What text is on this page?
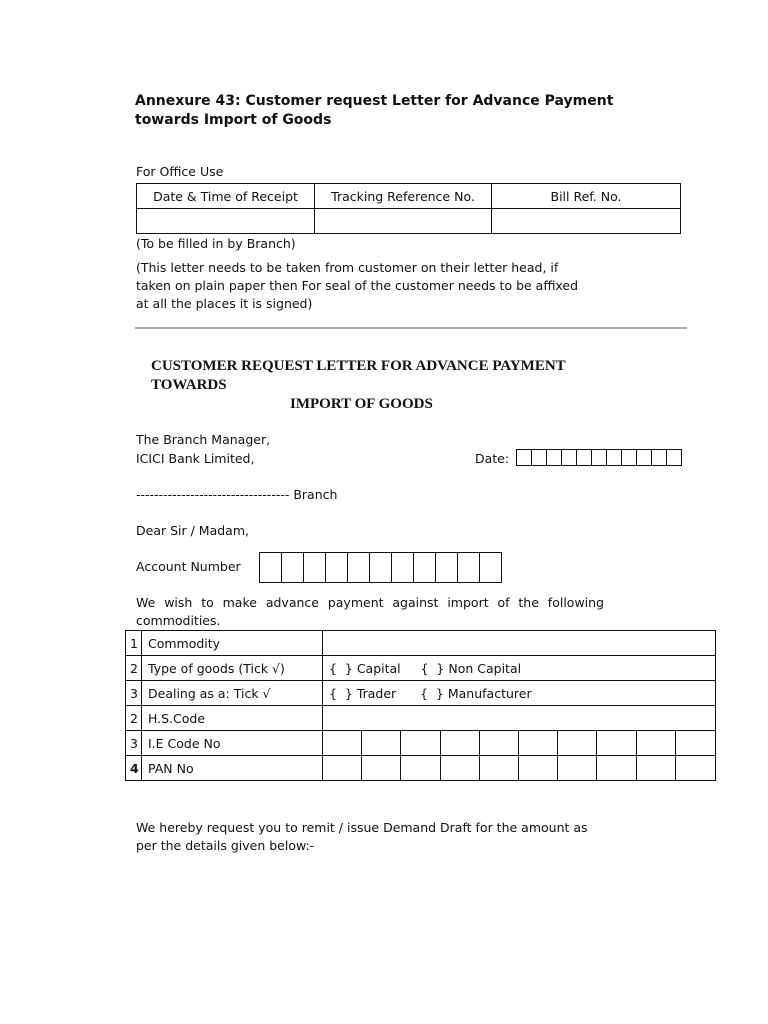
Annexure 43: Customer request Letter for Advance Payment
towards Import of Goods
For Office Use
Date & Time of Receipt	Tracking Reference No.	Bill Ref. No.

(To be filled in by Branch)
(This letter needs to be taken from customer on their letter head, if
taken on plain paper then For seal of the customer needs to be affixed
at all the places it is signed)
CUSTOMER REQUEST LETTER FOR ADVANCE PAYMENT
TOWARDS
IMPORT OF GOODS
The Branch Manager,
ICICI Bank Limited,	Date:
---------------------------------- Branch
Dear Sir / Madam,
Account Number
We wish to make advance payment against import of the following
commodities.
1	Commodity										
2	Type of goods (Tick √)	{  } Capital     {  } Non Capital									
3	Dealing as a: Tick √	{  } Trader      {  } Manufacturer									
2	H.S.Code										
3	I.E Code No										
4	PAN No										
We hereby request you to remit / issue Demand Draft for the amount as
per the details given below:-
